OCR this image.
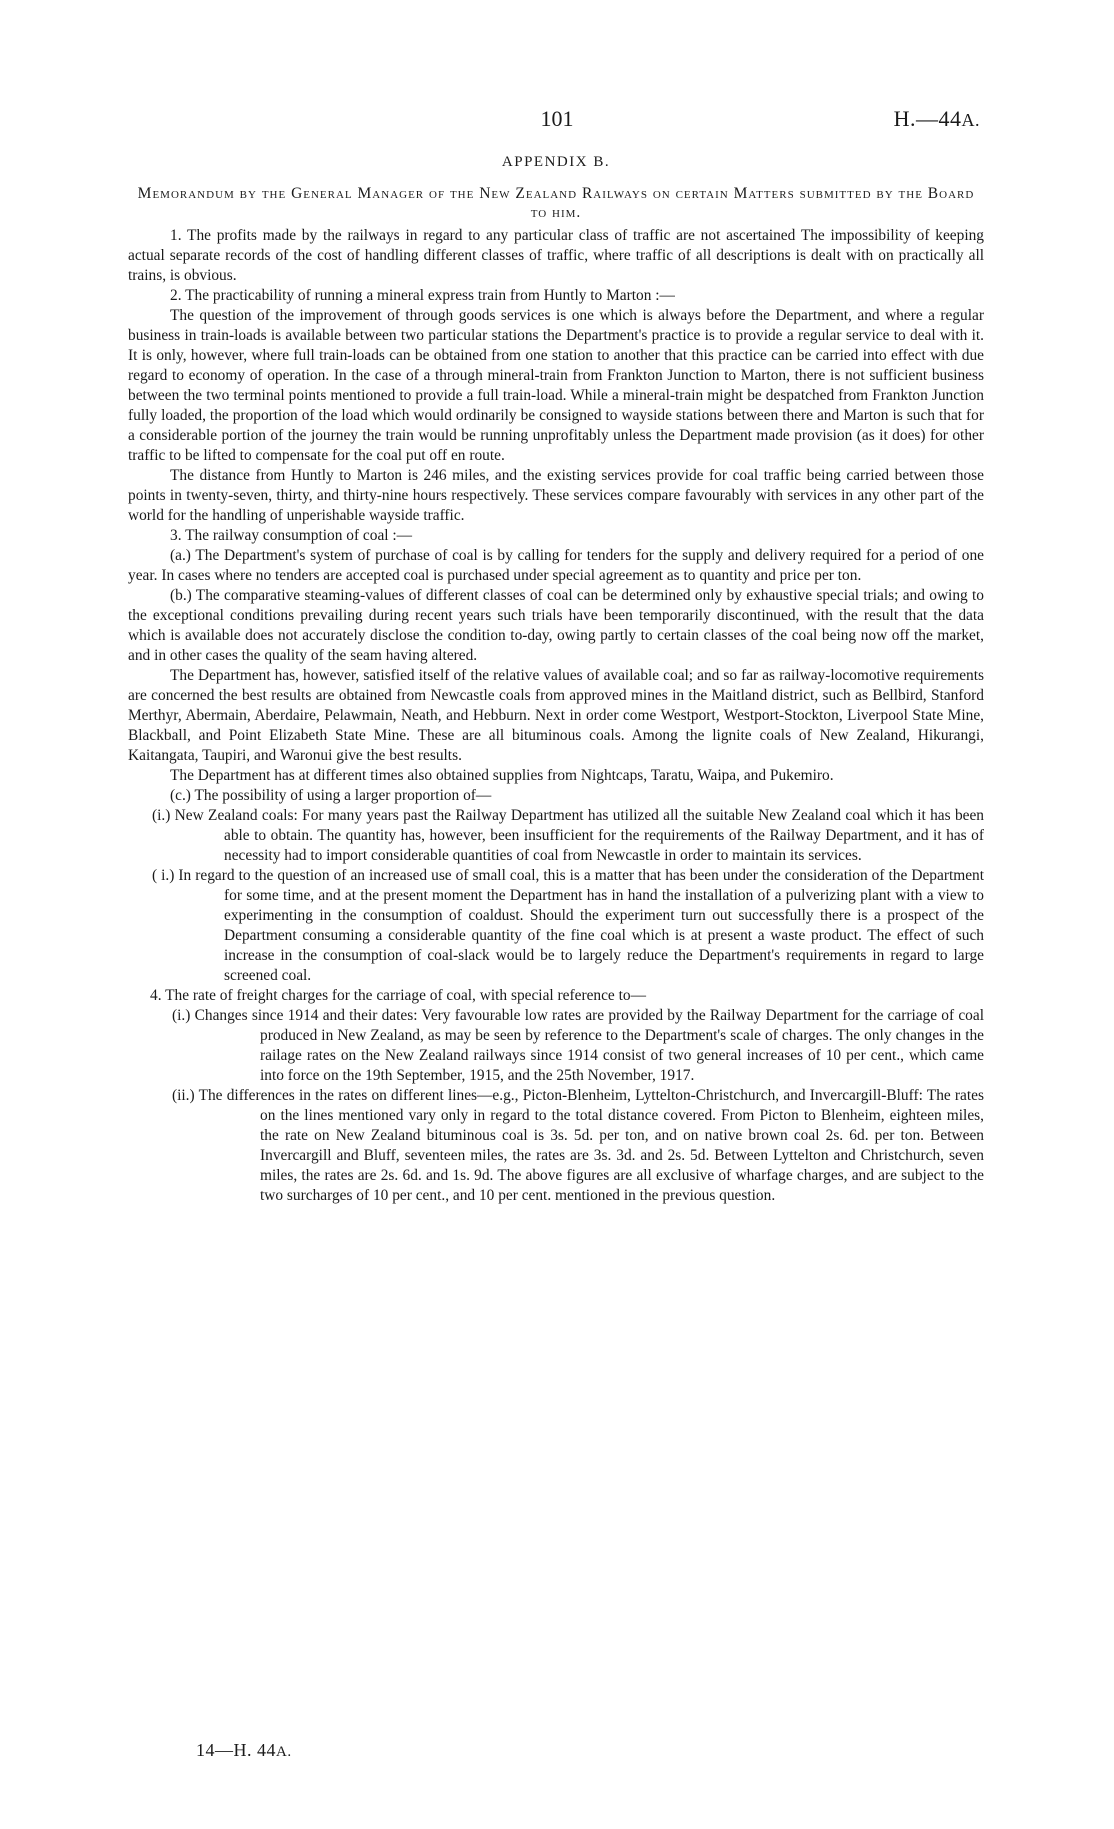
101	H.—44A.

APPENDIX B.

Memorandum by the General Manager of the New Zealand Railways on certain Matters submitted by the Board to him.

1. The profits made by the railways in regard to any particular class of traffic are not ascertained The impossibility of keeping actual separate records of the cost of handling different classes of traffic, where traffic of all descriptions is dealt with on practically all trains, is obvious.

2. The practicability of running a mineral express train from Huntly to Marton :—

The question of the improvement of through goods services is one which is always before the Department, and where a regular business in train-loads is available between two particular stations the Department's practice is to provide a regular service to deal with it. It is only, however, where full train-loads can be obtained from one station to another that this practice can be carried into effect with due regard to economy of operation. In the case of a through mineral-train from Frankton Junction to Marton, there is not sufficient business between the two terminal points mentioned to provide a full train-load. While a mineral-train might be despatched from Frankton Junction fully loaded, the proportion of the load which would ordinarily be consigned to wayside stations between there and Marton is such that for a considerable portion of the journey the train would be running unprofitably unless the Department made provision (as it does) for other traffic to be lifted to compensate for the coal put off en route.

The distance from Huntly to Marton is 246 miles, and the existing services provide for coal traffic being carried between those points in twenty-seven, thirty, and thirty-nine hours respectively. These services compare favourably with services in any other part of the world for the handling of unperishable wayside traffic.

3. The railway consumption of coal :—

(a.) The Department's system of purchase of coal is by calling for tenders for the supply and delivery required for a period of one year. In cases where no tenders are accepted coal is purchased under special agreement as to quantity and price per ton.

(b.) The comparative steaming-values of different classes of coal can be determined only by exhaustive special trials; and owing to the exceptional conditions prevailing during recent years such trials have been temporarily discontinued, with the result that the data which is available does not accurately disclose the condition to-day, owing partly to certain classes of the coal being now off the market, and in other cases the quality of the seam having altered.

The Department has, however, satisfied itself of the relative values of available coal; and so far as railway-locomotive requirements are concerned the best results are obtained from Newcastle coals from approved mines in the Maitland district, such as Bellbird, Stanford Merthyr, Abermain, Aberdaire, Pelawmain, Neath, and Hebburn. Next in order come Westport, Westport-Stockton, Liverpool State Mine, Blackball, and Point Elizabeth State Mine. These are all bituminous coals. Among the lignite coals of New Zealand, Hikurangi, Kaitangata, Taupiri, and Waronui give the best results.

The Department has at different times also obtained supplies from Nightcaps, Taratu, Waipa, and Pukemiro.

(c.) The possibility of using a larger proportion of—

(i.) New Zealand coals: For many years past the Railway Department has utilized all the suitable New Zealand coal which it has been able to obtain. The quantity has, however, been insufficient for the requirements of the Railway Department, and it has of necessity had to import considerable quantities of coal from Newcastle in order to maintain its services.

( i.) In regard to the question of an increased use of small coal, this is a matter that has been under the consideration of the Department for some time, and at the present moment the Department has in hand the installation of a pulverizing plant with a view to experimenting in the consumption of coaldust. Should the experiment turn out successfully there is a prospect of the Department consuming a considerable quantity of the fine coal which is at present a waste product. The effect of such increase in the consumption of coal-slack would be to largely reduce the Department's requirements in regard to large screened coal.

4. The rate of freight charges for the carriage of coal, with special reference to—

(i.) Changes since 1914 and their dates: Very favourable low rates are provided by the Railway Department for the carriage of coal produced in New Zealand, as may be seen by reference to the Department's scale of charges. The only changes in the railage rates on the New Zealand railways since 1914 consist of two general increases of 10 per cent., which came into force on the 19th September, 1915, and the 25th November, 1917.

(ii.) The differences in the rates on different lines—e.g., Picton-Blenheim, Lyttelton-Christchurch, and Invercargill-Bluff: The rates on the lines mentioned vary only in regard to the total distance covered. From Picton to Blenheim, eighteen miles, the rate on New Zealand bituminous coal is 3s. 5d. per ton, and on native brown coal 2s. 6d. per ton. Between Invercargill and Bluff, seventeen miles, the rates are 3s. 3d. and 2s. 5d. Between Lyttelton and Christchurch, seven miles, the rates are 2s. 6d. and 1s. 9d. The above figures are all exclusive of wharfage charges, and are subject to the two surcharges of 10 per cent., and 10 per cent. mentioned in the previous question.

14—H. 44A.
